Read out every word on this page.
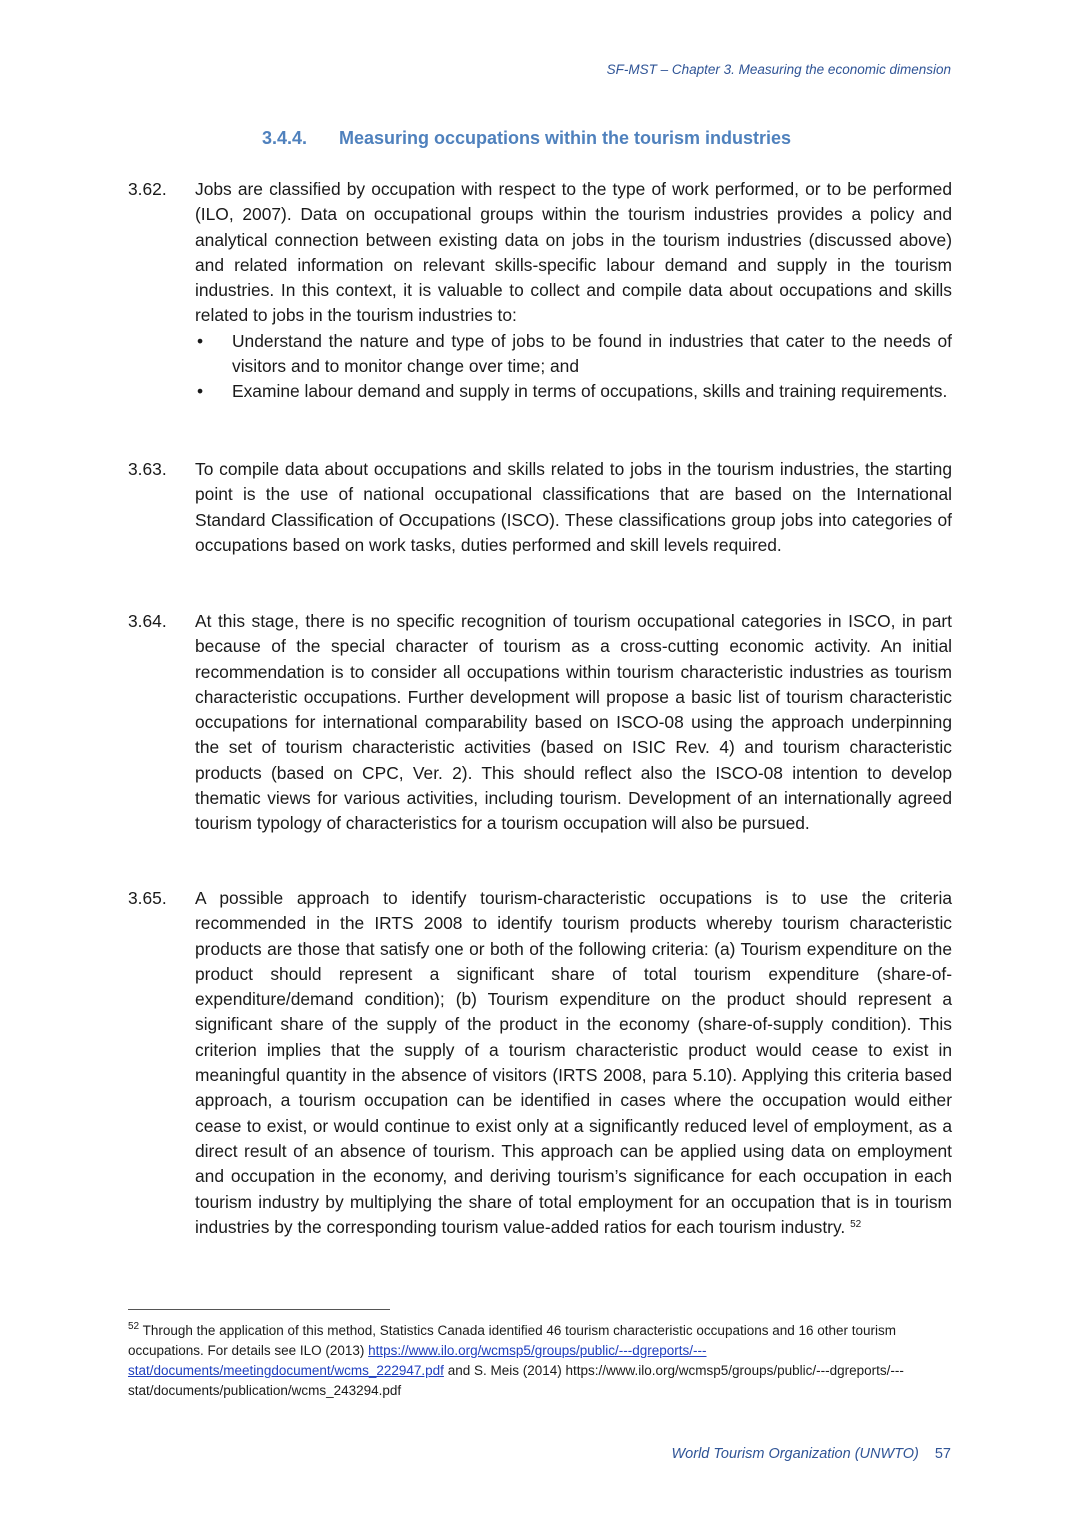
SF-MST – Chapter 3. Measuring the economic dimension
3.4.4. Measuring occupations within the tourism industries
3.62. Jobs are classified by occupation with respect to the type of work performed, or to be performed (ILO, 2007). Data on occupational groups within the tourism industries provides a policy and analytical connection between existing data on jobs in the tourism industries (discussed above) and related information on relevant skills-specific labour demand and supply in the tourism industries. In this context, it is valuable to collect and compile data about occupations and skills related to jobs in the tourism industries to:
• Understand the nature and type of jobs to be found in industries that cater to the needs of visitors and to monitor change over time; and
• Examine labour demand and supply in terms of occupations, skills and training requirements.
3.63. To compile data about occupations and skills related to jobs in the tourism industries, the starting point is the use of national occupational classifications that are based on the International Standard Classification of Occupations (ISCO). These classifications group jobs into categories of occupations based on work tasks, duties performed and skill levels required.
3.64. At this stage, there is no specific recognition of tourism occupational categories in ISCO, in part because of the special character of tourism as a cross-cutting economic activity. An initial recommendation is to consider all occupations within tourism characteristic industries as tourism characteristic occupations. Further development will propose a basic list of tourism characteristic occupations for international comparability based on ISCO-08 using the approach underpinning the set of tourism characteristic activities (based on ISIC Rev. 4) and tourism characteristic products (based on CPC, Ver. 2). This should reflect also the ISCO-08 intention to develop thematic views for various activities, including tourism. Development of an internationally agreed tourism typology of characteristics for a tourism occupation will also be pursued.
3.65. A possible approach to identify tourism-characteristic occupations is to use the criteria recommended in the IRTS 2008 to identify tourism products whereby tourism characteristic products are those that satisfy one or both of the following criteria: (a) Tourism expenditure on the product should represent a significant share of total tourism expenditure (share-of-expenditure/demand condition); (b) Tourism expenditure on the product should represent a significant share of the supply of the product in the economy (share-of-supply condition). This criterion implies that the supply of a tourism characteristic product would cease to exist in meaningful quantity in the absence of visitors (IRTS 2008, para 5.10). Applying this criteria based approach, a tourism occupation can be identified in cases where the occupation would either cease to exist, or would continue to exist only at a significantly reduced level of employment, as a direct result of an absence of tourism. This approach can be applied using data on employment and occupation in the economy, and deriving tourism’s significance for each occupation in each tourism industry by multiplying the share of total employment for an occupation that is in tourism industries by the corresponding tourism value-added ratios for each tourism industry. $^{52}$
$^{52}$ Through the application of this method, Statistics Canada identified 46 tourism characteristic occupations and 16 other tourism occupations. For details see ILO (2013) https://www.ilo.org/wcmsp5/groups/public/---dgreports/---stat/documents/meetingdocument/wcms_222947.pdf and S. Meis (2014) https://www.ilo.org/wcmsp5/groups/public/---dgreports/---stat/documents/publication/wcms_243294.pdf
World Tourism Organization (UNWTO) 57
